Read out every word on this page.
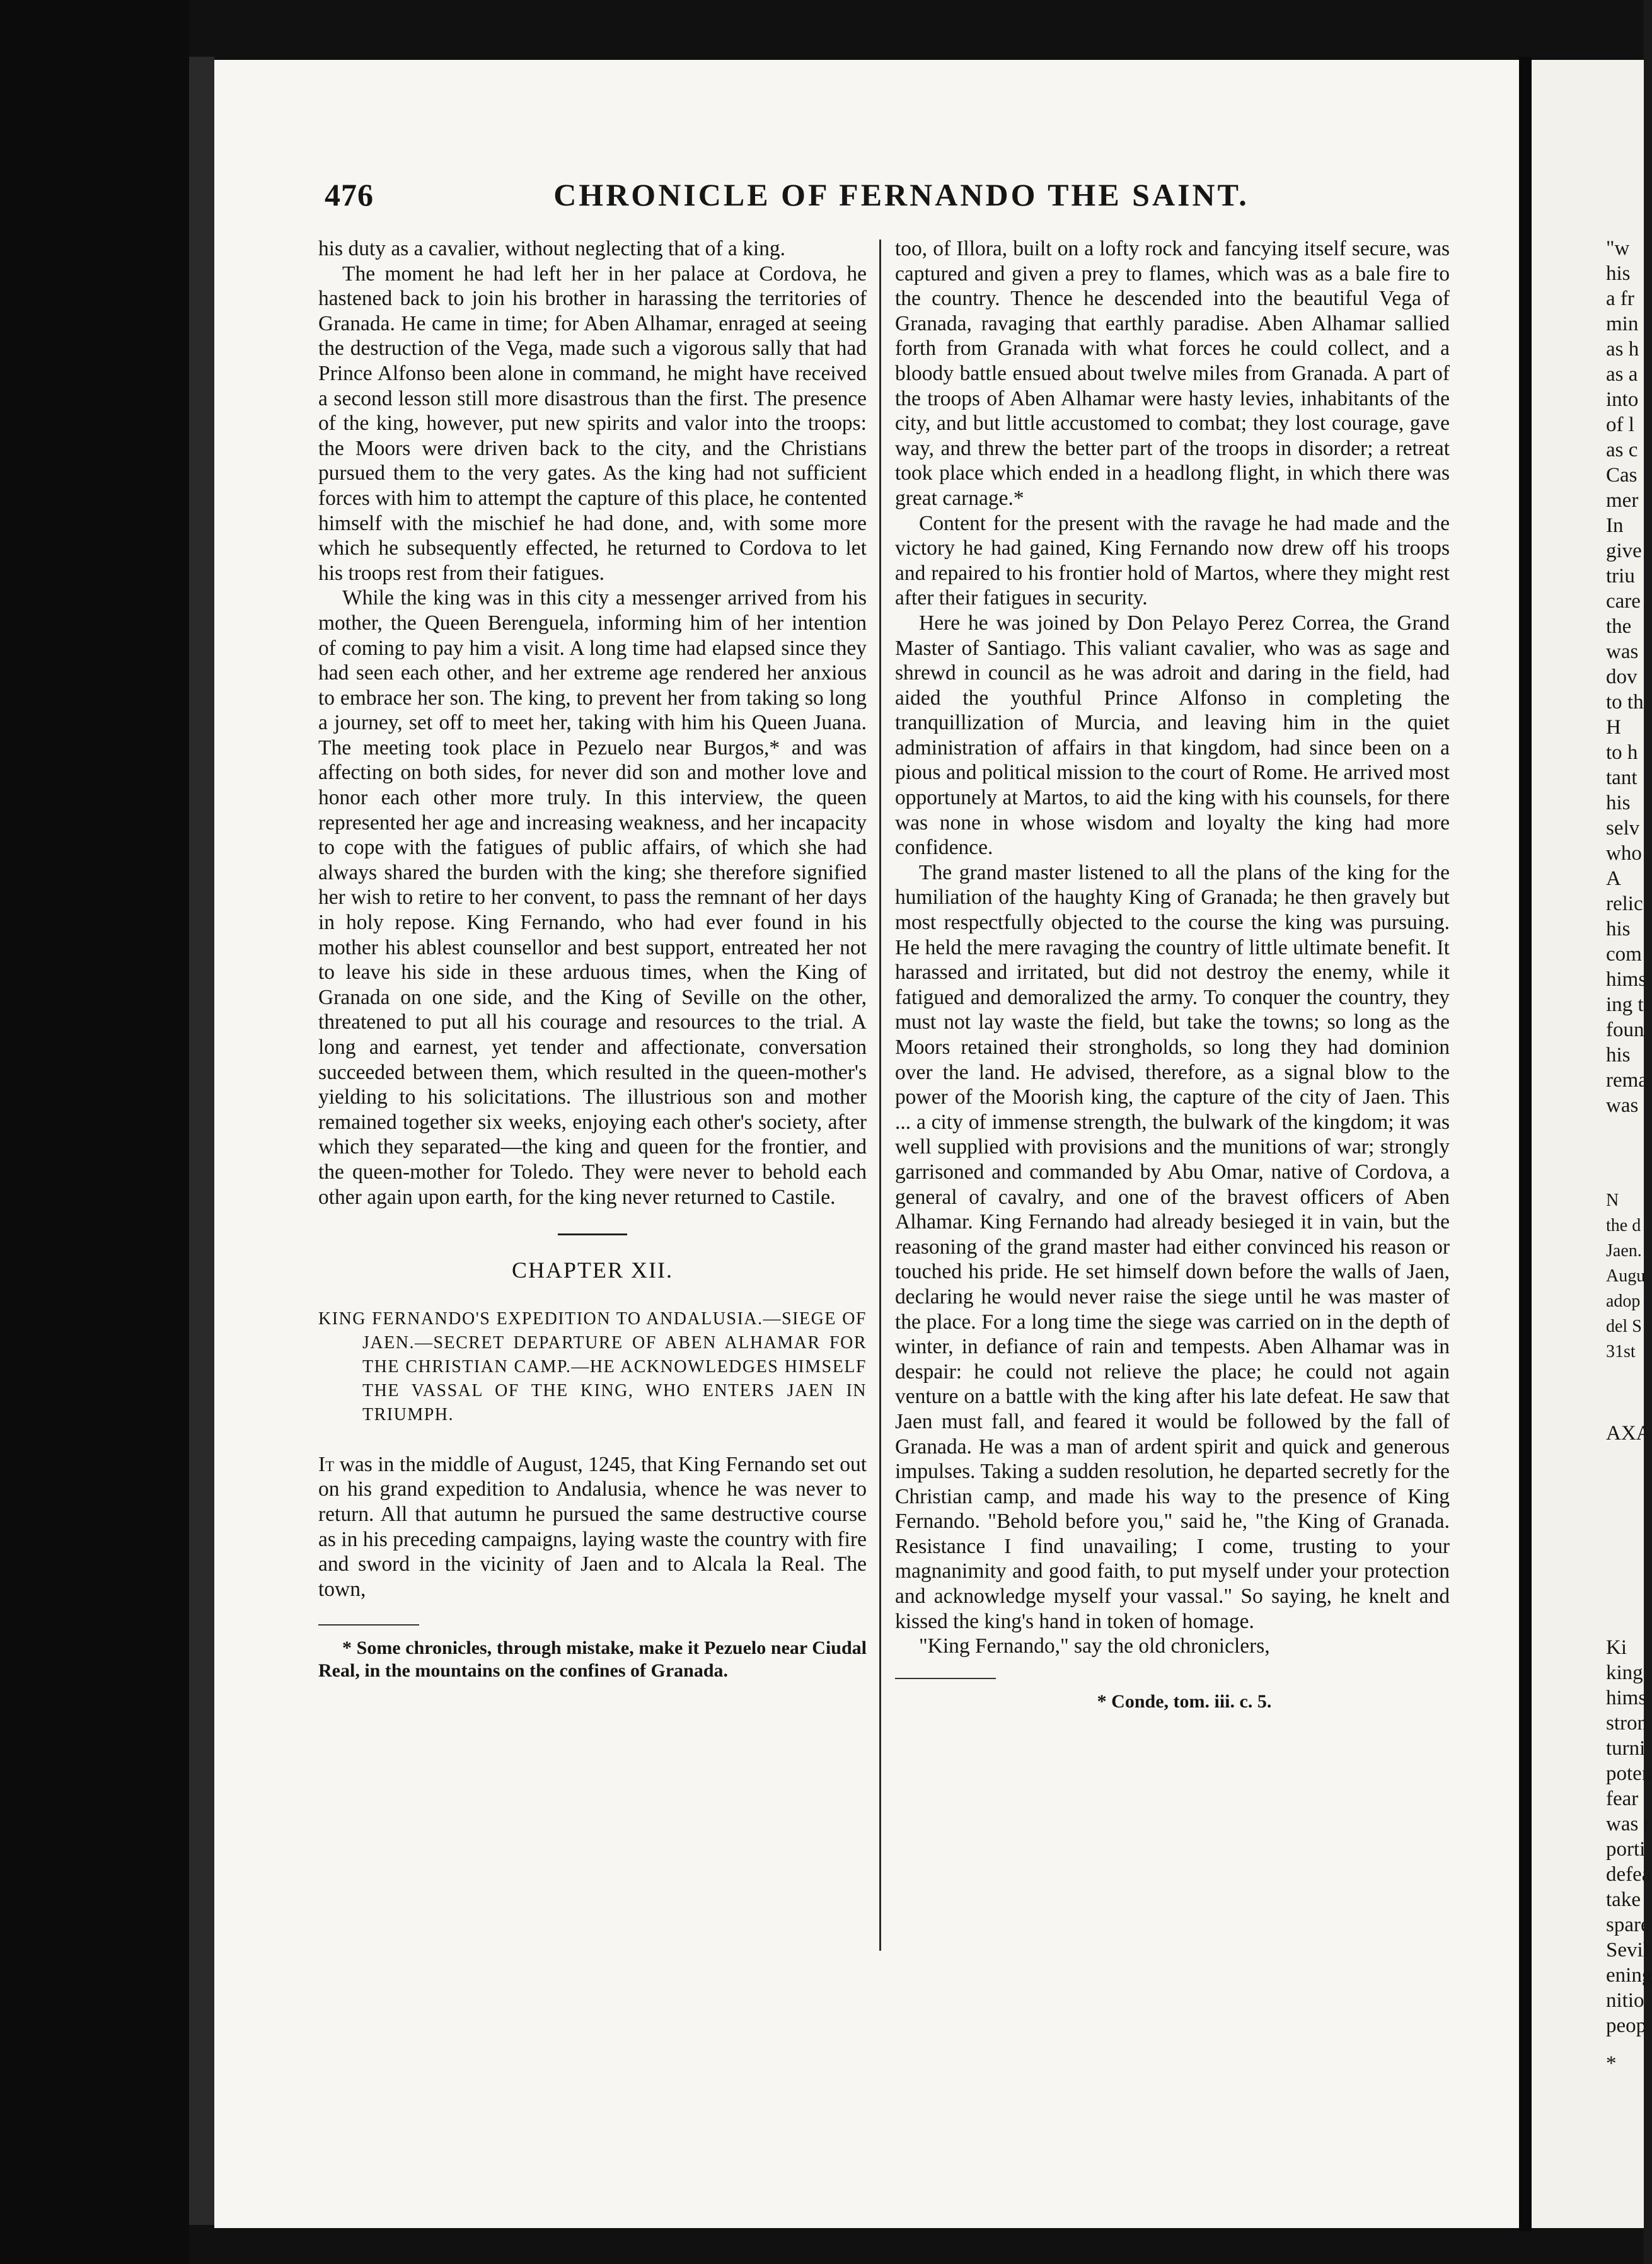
"w
his
a fr
min
as h
as a
into
of l
as c
Cas
mer
In
give
triu
care
the
was
dov
to th
H
to h
tant
his
selv
who
A
relic
his
com
hims
ing t
foun
his
rema
was
N
the d
Jaen.
Augu
adop
del S
31st
AXA
Ki
king
hims
stron
turni
poten
fear
was t
porti
defea
take
spare
Sevil
ening
nitio
peop
*
476	CHRONICLE OF FERNANDO THE SAINT.

his duty as a cavalier, without neglecting that of a king.

The moment he had left her in her palace at Cordova, he hastened back to join his brother in harassing the territories of Granada. He came in time; for Aben Alhamar, enraged at seeing the destruction of the Vega, made such a vigorous sally that had Prince Alfonso been alone in command, he might have received a second lesson still more disastrous than the first. The presence of the king, however, put new spirits and valor into the troops: the Moors were driven back to the city, and the Christians pursued them to the very gates. As the king had not sufficient forces with him to attempt the capture of this place, he contented himself with the mischief he had done, and, with some more which he subsequently effected, he returned to Cordova to let his troops rest from their fatigues.

While the king was in this city a messenger arrived from his mother, the Queen Berenguela, informing him of her intention of coming to pay him a visit. A long time had elapsed since they had seen each other, and her extreme age rendered her anxious to embrace her son. The king, to prevent her from taking so long a journey, set off to meet her, taking with him his Queen Juana. The meeting took place in Pezuelo near Burgos,* and was affecting on both sides, for never did son and mother love and honor each other more truly. In this interview, the queen represented her age and increasing weakness, and her incapacity to cope with the fatigues of public affairs, of which she had always shared the burden with the king; she therefore signified her wish to retire to her convent, to pass the remnant of her days in holy repose. King Fernando, who had ever found in his mother his ablest counsellor and best support, entreated her not to leave his side in these arduous times, when the King of Granada on one side, and the King of Seville on the other, threatened to put all his courage and resources to the trial. A long and earnest, yet tender and affectionate, conversation succeeded between them, which resulted in the queen-mother's yielding to his solicitations. The illustrious son and mother remained together six weeks, enjoying each other's society, after which they separated—the king and queen for the frontier, and the queen-mother for Toledo. They were never to behold each other again upon earth, for the king never returned to Castile.

CHAPTER XII.
KING FERNANDO'S EXPEDITION TO ANDALUSIA.—SIEGE OF JAEN.—SECRET DEPARTURE OF ABEN ALHAMAR FOR THE CHRISTIAN CAMP.—HE ACKNOWLEDGES HIMSELF THE VASSAL OF THE KING, WHO ENTERS JAEN IN TRIUMPH.

It was in the middle of August, 1245, that King Fernando set out on his grand expedition to Andalusia, whence he was never to return. All that autumn he pursued the same destructive course as in his preceding campaigns, laying waste the country with fire and sword in the vicinity of Jaen and to Alcala la Real. The town,

* Some chronicles, through mistake, make it Pezuelo near Ciudal Real, in the mountains on the confines of Granada.

too, of Illora, built on a lofty rock and fancying itself secure, was captured and given a prey to flames, which was as a bale fire to the country. Thence he descended into the beautiful Vega of Granada, ravaging that earthly paradise. Aben Alhamar sallied forth from Granada with what forces he could collect, and a bloody battle ensued about twelve miles from Granada. A part of the troops of Aben Alhamar were hasty levies, inhabitants of the city, and but little accustomed to combat; they lost courage, gave way, and threw the better part of the troops in disorder; a retreat took place which ended in a headlong flight, in which there was great carnage.*

Content for the present with the ravage he had made and the victory he had gained, King Fernando now drew off his troops and repaired to his frontier hold of Martos, where they might rest after their fatigues in security.

Here he was joined by Don Pelayo Perez Correa, the Grand Master of Santiago. This valiant cavalier, who was as sage and shrewd in council as he was adroit and daring in the field, had aided the youthful Prince Alfonso in completing the tranquillization of Murcia, and leaving him in the quiet administration of affairs in that kingdom, had since been on a pious and political mission to the court of Rome. He arrived most opportunely at Martos, to aid the king with his counsels, for there was none in whose wisdom and loyalty the king had more confidence.

The grand master listened to all the plans of the king for the humiliation of the haughty King of Granada; he then gravely but most respectfully objected to the course the king was pursuing. He held the mere ravaging the country of little ultimate benefit. It harassed and irritated, but did not destroy the enemy, while it fatigued and demoralized the army. To conquer the country, they must not lay waste the field, but take the towns; so long as the Moors retained their strongholds, so long they had dominion over the land. He advised, therefore, as a signal blow to the power of the Moorish king, the capture of the city of Jaen. This ... a city of immense strength, the bulwark of the kingdom; it was well supplied with provisions and the munitions of war; strongly garrisoned and commanded by Abu Omar, native of Cordova, a general of cavalry, and one of the bravest officers of Aben Alhamar. King Fernando had already besieged it in vain, but the reasoning of the grand master had either convinced his reason or touched his pride. He set himself down before the walls of Jaen, declaring he would never raise the siege until he was master of the place. For a long time the siege was carried on in the depth of winter, in defiance of rain and tempests. Aben Alhamar was in despair: he could not relieve the place; he could not again venture on a battle with the king after his late defeat. He saw that Jaen must fall, and feared it would be followed by the fall of Granada. He was a man of ardent spirit and quick and generous impulses. Taking a sudden resolution, he departed secretly for the Christian camp, and made his way to the presence of King Fernando. "Behold before you," said he, "the King of Granada. Resistance I find unavailing; I come, trusting to your magnanimity and good faith, to put myself under your protection and acknowledge myself your vassal." So saying, he knelt and kissed the king's hand in token of homage.

"King Fernando," say the old chroniclers,

* Conde, tom. iii. c. 5.
